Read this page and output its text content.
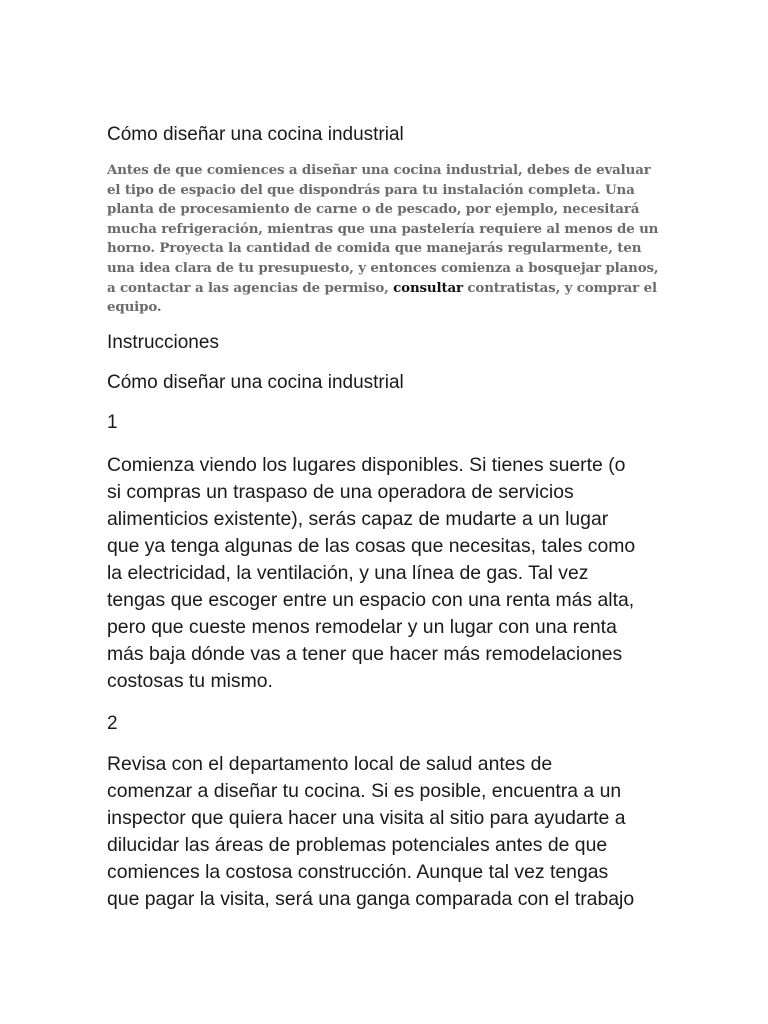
Cómo diseñar una cocina industrial
Antes de que comiences a diseñar una cocina industrial, debes de evaluar el tipo de espacio del que dispondrás para tu instalación completa. Una planta de procesamiento de carne o de pescado, por ejemplo, necesitará mucha refrigeración, mientras que una pastelería requiere al menos de un horno. Proyecta la cantidad de comida que manejarás regularmente, ten una idea clara de tu presupuesto, y entonces comienza a bosquejar planos, a contactar a las agencias de permiso, consultar contratistas, y comprar el equipo.
Instrucciones
Cómo diseñar una cocina industrial
1
Comienza viendo los lugares disponibles. Si tienes suerte (o
si compras un traspaso de una operadora de servicios
alimenticios existente), serás capaz de mudarte a un lugar
que ya tenga algunas de las cosas que necesitas, tales como
la electricidad, la ventilación, y una línea de gas. Tal vez
tengas que escoger entre un espacio con una renta más alta,
pero que cueste menos remodelar y un lugar con una renta
más baja dónde vas a tener que hacer más remodelaciones
costosas tu mismo.
2
Revisa con el departamento local de salud antes de
comenzar a diseñar tu cocina. Si es posible, encuentra a un
inspector que quiera hacer una visita al sitio para ayudarte a
dilucidar las áreas de problemas potenciales antes de que
comiences la costosa construcción. Aunque tal vez tengas
que pagar la visita, será una ganga comparada con el trabajo
